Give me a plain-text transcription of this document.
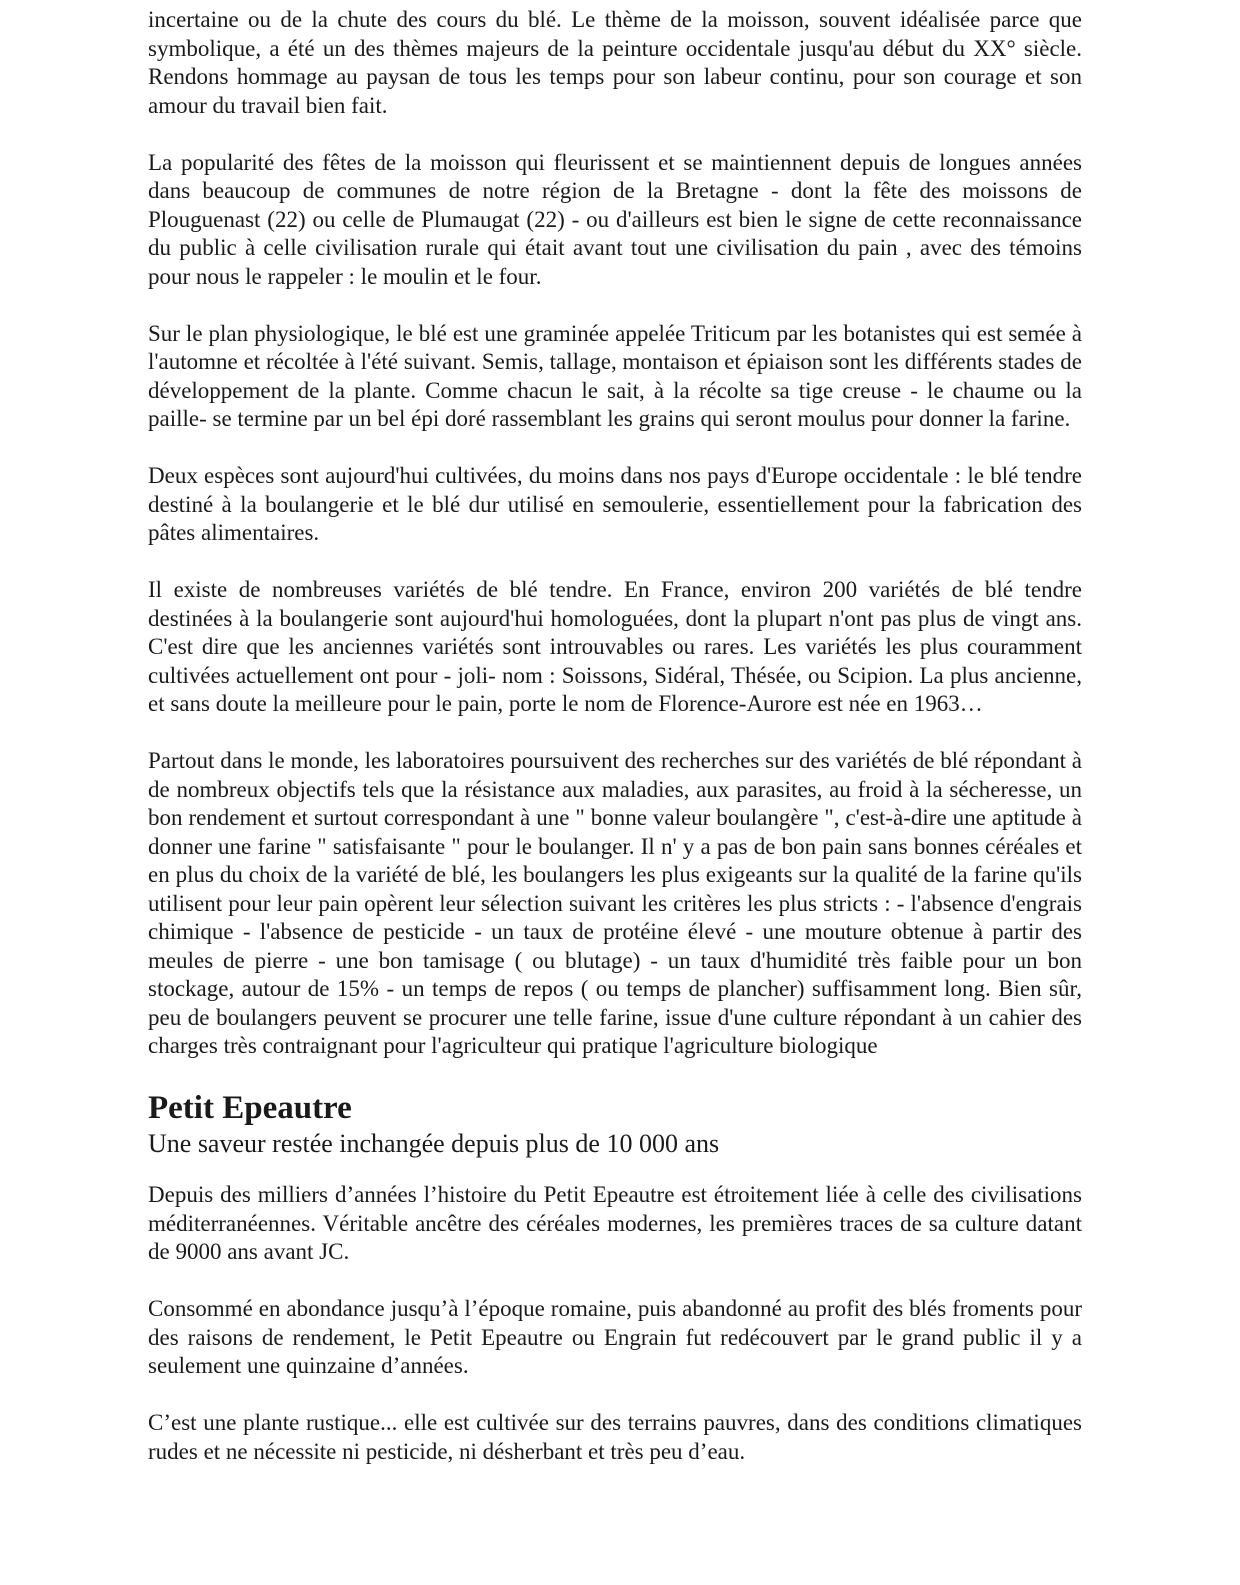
incertaine ou de la chute des cours du blé. Le thème de la moisson, souvent idéalisée parce que symbolique, a été un des thèmes majeurs de la peinture occidentale jusqu'au début du XX° siècle. Rendons hommage au paysan de tous les temps pour son labeur continu, pour son courage et son amour du travail bien fait.

La popularité des fêtes de la moisson qui fleurissent et se maintiennent depuis de longues années dans beaucoup de communes de notre région de la Bretagne - dont la fête des moissons de Plouguenast (22) ou celle de Plumaugat (22) - ou d'ailleurs est bien le signe de cette reconnaissance du public à celle civilisation rurale qui était avant tout une civilisation du pain , avec des témoins pour nous le rappeler : le moulin et le four.

Sur le plan physiologique, le blé est une graminée appelée Triticum par les botanistes qui est semée à l'automne et récoltée à l'été suivant. Semis, tallage, montaison et épiaison sont les différents stades de développement de la plante. Comme chacun le sait, à la récolte sa tige creuse - le chaume ou la paille- se termine par un bel épi doré rassemblant les grains qui seront moulus pour donner la farine.

Deux espèces sont aujourd'hui cultivées, du moins dans nos pays d'Europe occidentale : le blé tendre destiné à la boulangerie et le blé dur utilisé en semoulerie, essentiellement pour la fabrication des pâtes alimentaires.

Il existe de nombreuses variétés de blé tendre. En France, environ 200 variétés de blé tendre destinées à la boulangerie sont aujourd'hui homologuées, dont la plupart n'ont pas plus de vingt ans. C'est dire que les anciennes variétés sont introuvables ou rares. Les variétés les plus couramment cultivées actuellement ont pour - joli- nom : Soissons, Sidéral, Thésée, ou Scipion. La plus ancienne, et sans doute la meilleure pour le pain, porte le nom de Florence-Aurore est née en 1963…

Partout dans le monde, les laboratoires poursuivent des recherches sur des variétés de blé répondant à de nombreux objectifs tels que la résistance aux maladies, aux parasites, au froid à la sécheresse, un bon rendement et surtout correspondant à une " bonne valeur boulangère ", c'est-à-dire une aptitude à donner une farine " satisfaisante " pour le boulanger. Il n' y a pas de bon pain sans bonnes céréales et en plus du choix de la variété de blé, les boulangers les plus exigeants sur la qualité de la farine qu'ils utilisent pour leur pain opèrent leur sélection suivant les critères les plus stricts : - l'absence d'engrais chimique - l'absence de pesticide - un taux de protéine élevé - une mouture obtenue à partir des meules de pierre - une bon tamisage ( ou blutage) - un taux d'humidité très faible pour un bon stockage, autour de 15% - un temps de repos ( ou temps de plancher) suffisamment long. Bien sûr, peu de boulangers peuvent se procurer une telle farine, issue d'une culture répondant à un cahier des charges très contraignant pour l'agriculteur qui pratique l'agriculture biologique

Petit Epeautre
Une saveur restée inchangée depuis plus de 10 000 ans

Depuis des milliers d’années l’histoire du Petit Epeautre est étroitement liée à celle des civilisations méditerranéennes. Véritable ancêtre des céréales modernes, les premières traces de sa culture datant de 9000 ans avant JC.

Consommé en abondance jusqu’à l’époque romaine, puis abandonné au profit des blés froments pour des raisons de rendement, le Petit Epeautre ou Engrain fut redécouvert par le grand public il y a seulement une quinzaine d’années.

C’est une plante rustique... elle est cultivée sur des terrains pauvres, dans des conditions climatiques rudes et ne nécessite ni pesticide, ni désherbant et très peu d’eau.
